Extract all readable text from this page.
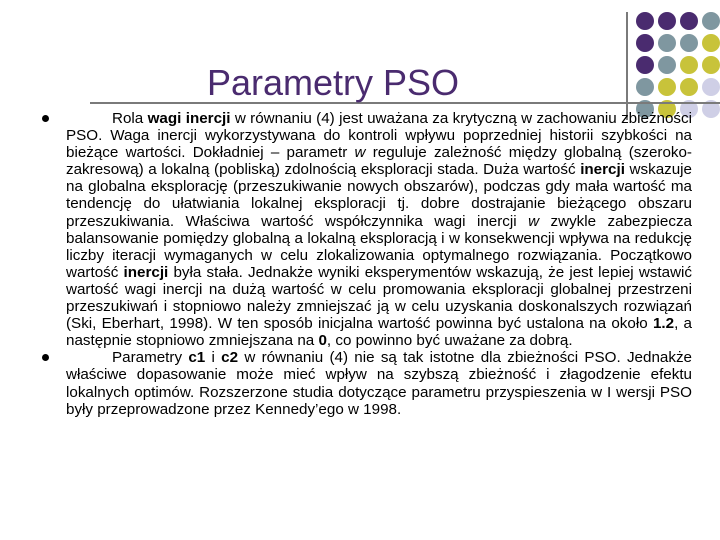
Parametry PSO
Rola wagi inercji w równaniu (4) jest uważana za krytyczną w zachowaniu zbieżności PSO. Waga inercji wykorzystywana do kontroli wpływu poprzedniej historii szybkości na bieżące wartości. Dokładniej – parametr w reguluje zależność między globalną (szeroko-zakresową) a lokalną (pobliską) zdolnością eksploracji stada. Duża wartość inercji wskazuje na globalna eksplorację (przeszukiwanie nowych obszarów), podczas gdy mała wartość ma tendencję do ułatwiania lokalnej eksploracji tj. dobre dostrajanie bieżącego obszaru przeszukiwania. Właściwa wartość współczynnika wagi inercji w zwykle zabezpiecza balansowanie pomiędzy globalną a lokalną eksploracją i w konsekwencji wpływa na redukcję liczby iteracji wymaganych w celu zlokalizowania optymalnego rozwiązania. Początkowo wartość inercji była stała. Jednakże wyniki eksperymentów wskazują, że jest lepiej wstawić wartość wagi inercji na dużą wartość w celu promowania eksploracji globalnej przestrzeni przeszukiwań i stopniowo należy zmniejszać ją w celu uzyskania doskonalszych rozwiązań (Ski, Eberhart, 1998). W ten sposób inicjalna wartość powinna być ustalona na około 1.2, a następnie stopniowo zmniejszana na 0, co powinno być uważane za dobrą.
Parametry c1 i c2 w równaniu (4) nie są tak istotne dla zbieżności PSO. Jednakże właściwe dopasowanie może mieć wpływ na szybszą zbieżność i złagodzenie efektu lokalnych optimów. Rozszerzone studia dotyczące parametru przyspieszenia w I wersji PSO były przeprowadzone przez Kennedy’ego w 1998.
